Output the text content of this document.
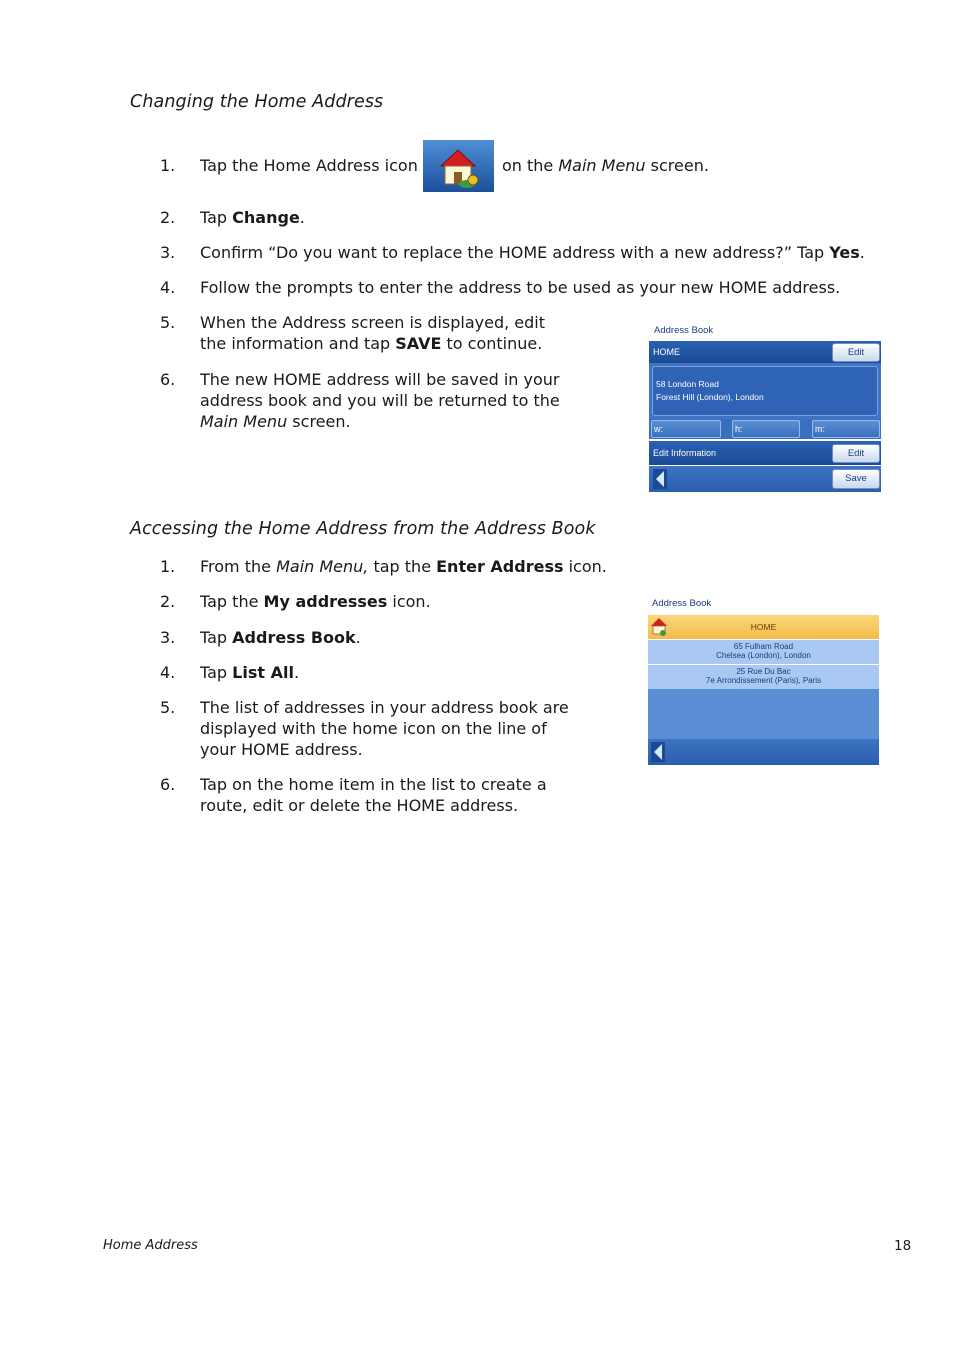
Changing the Home Address
1. Tap the Home Address icon	on the Main Menu screen.
2. Tap Change.
3. Confirm “Do you want to replace the HOME address with a new address?” Tap Yes.
4. Follow the prompts to enter the address to be used as your new HOME address.
5. When the Address screen is displayed, edit
the information and tap SAVE to continue.
6. The new HOME address will be saved in your
address book and you will be returned to the
Main Menu screen.
Address Book
HOME	Edit
58 London Road
Forest Hill (London), London
w:	h:	m:
Edit Information	Edit
Save
Accessing the Home Address from the Address Book
1. From the Main Menu, tap the Enter Address icon.
2. Tap the My addresses icon.
3. Tap Address Book.
4. Tap List All.
5. The list of addresses in your address book are
displayed with the home icon on the line of
your HOME address.
6. Tap on the home item in the list to create a
route, edit or delete the HOME address.
Address Book
HOME
65 Fulham Road
Chelsea (London), London
25 Rue Du Bac
7e Arrondissement (Paris), Paris
Home Address	18
